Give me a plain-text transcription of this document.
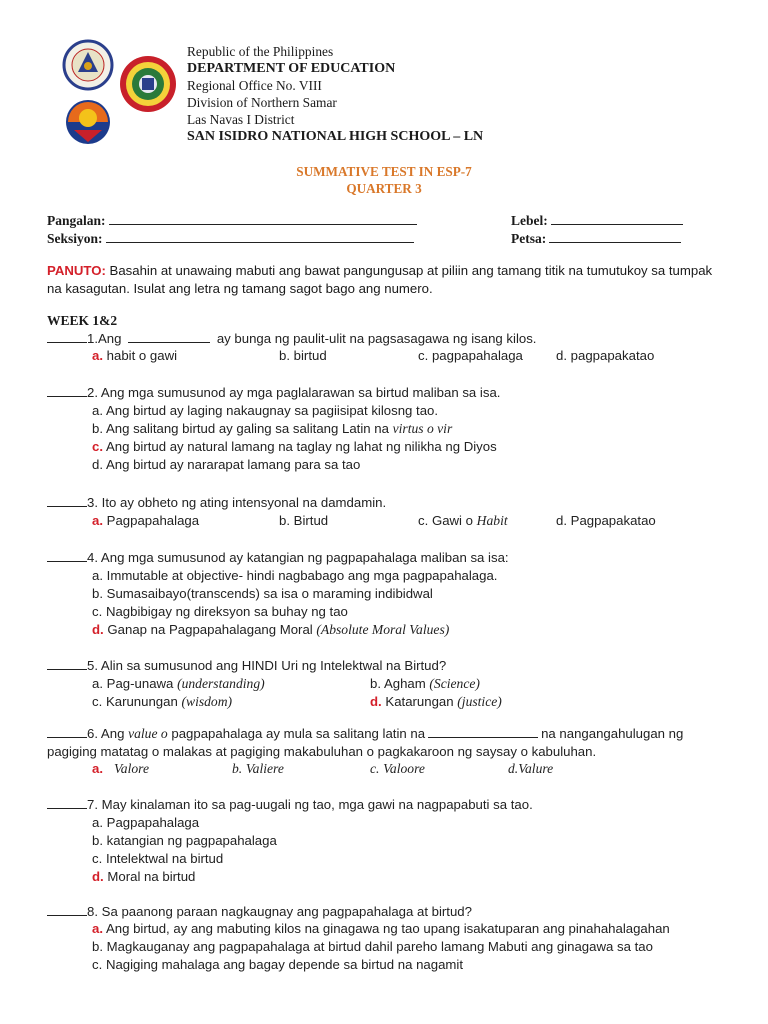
Republic of the Philippines
DEPARTMENT OF EDUCATION
Regional Office No. VIII
Division of Northern Samar
Las Navas I District
SAN ISIDRO NATIONAL HIGH SCHOOL – LN
SUMMATIVE TEST IN ESP-7
QUARTER 3
Pangalan:
Seksiyon:
Lebel:
Petsa:
PANUTO: Basahin at unawaing mabuti ang bawat pangungusap at piliin ang tamang titik na tumutukoy sa tumpak na kasagutan. Isulat ang letra ng tamang sagot bago ang numero.
WEEK 1&2
1.Ang	ay bunga ng paulit-ulit na pagsasagawa ng isang kilos.
a. habit o gawi	b. birtud	c. pagpapahalaga	d. pagpapakatao
2. Ang mga sumusunod ay mga paglalarawan sa birtud maliban sa isa.
a. Ang birtud ay laging nakaugnay sa pagiisipat kilosng tao.
b. Ang salitang birtud ay galing sa salitang Latin na virtus o vir
c. Ang birtud ay natural lamang na taglay ng lahat ng nilikha ng Diyos
d. Ang birtud ay nararapat lamang para sa tao
3. Ito ay obheto ng ating intensyonal na damdamin.
a. Pagpapahalaga	b. Birtud	c. Gawi o Habit	d. Pagpapakatao
4. Ang mga sumusunod ay katangian ng pagpapahalaga maliban sa isa:
a. Immutable at objective- hindi nagbabago ang mga pagpapahalaga.
b. Sumasaibayo(transcends) sa isa o maraming indibidwal
c. Nagbibigay ng direksyon sa buhay ng tao
d. Ganap na Pagpapahalagang Moral (Absolute Moral Values)
5. Alin sa sumusunod ang HINDI Uri ng Intelektwal na Birtud?
a. Pag-unawa (understanding)	b. Agham (Science)
c. Karunungan (wisdom)	d. Katarungan (justice)
6. Ang value o pagpapahalaga ay mula sa salitang latin na	na nangangahulugan ng
pagiging matatag o malakas at pagiging makabuluhan o pagkakaroon ng saysay o kabuluhan.
a. Valore	b. Valiere	c. Valoore	d.Valure
7. May kinalaman ito sa pag-uugali ng tao, mga gawi na nagpapabuti sa tao.
a. Pagpapahalaga
b. katangian ng pagpapahalaga
c. Intelektwal na birtud
d. Moral na birtud
8. Sa paanong paraan nagkaugnay ang pagpapahalaga at birtud?
a. Ang birtud, ay ang mabuting kilos na ginagawa ng tao upang isakatuparan ang pinahahalagahan
b. Magkauganay ang pagpapahalaga at birtud dahil pareho lamang Mabuti ang ginagawa sa tao
c. Nagiging mahalaga ang bagay depende sa birtud na nagamit
